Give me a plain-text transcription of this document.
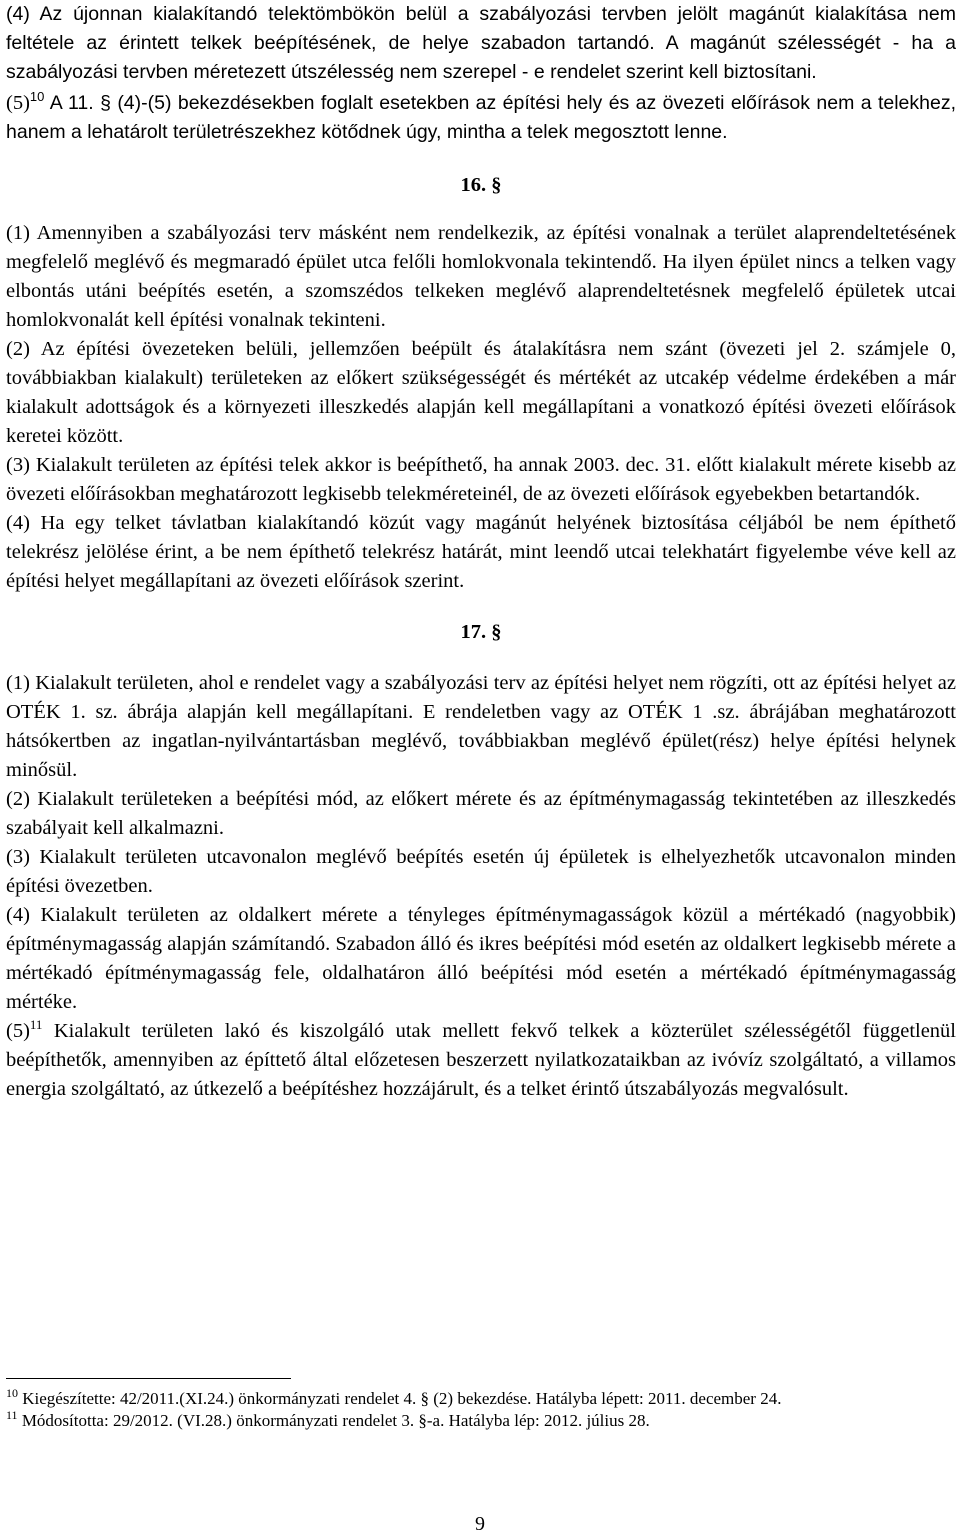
(4) Az újonnan kialakítandó telektömbökön belül a szabályozási tervben jelölt magánút kialakítása nem feltétele az érintett telkek beépítésének, de helye szabadon tartandó. A magánút szélességét - ha a szabályozási tervben méretezett útszélesség nem szerepel - e rendelet szerint kell biztosítani.

$(5)^{10}$ A 11. § (4)-(5) bekezdésekben foglalt esetekben az építési hely és az övezeti előírások nem a telekhez, hanem a lehatárolt területrészekhez kötődnek úgy, mintha a telek megosztott lenne.

16. §

(1) Amennyiben a szabályozási terv másként nem rendelkezik, az építési vonalnak a terület alaprendeltetésének megfelelő meglévő és megmaradó épület utca felőli homlokvonala tekintendő. Ha ilyen épület nincs a telken vagy elbontás utáni beépítés esetén, a szomszédos telkeken meglévő alaprendeltetésnek megfelelő épületek utcai homlokvonalát kell építési vonalnak tekinteni.

(2) Az építési övezeteken belüli, jellemzően beépült és átalakításra nem szánt (övezeti jel 2. számjele 0, továbbiakban kialakult) területeken az előkert szükségességét és mértékét az utcakép védelme érdekében a már kialakult adottságok és a környezeti illeszkedés alapján kell megállapítani a vonatkozó építési övezeti előírások keretei között.

(3) Kialakult területen az építési telek akkor is beépíthető, ha annak 2003. dec. 31. előtt kialakult mérete kisebb az övezeti előírásokban meghatározott legkisebb telekméreteinél, de az övezeti előírások egyebekben betartandók.

(4) Ha egy telket távlatban kialakítandó közút vagy magánút helyének biztosítása céljából be nem építhető telekrész jelölése érint, a be nem építhető telekrész határát, mint leendő utcai telekhatárt figyelembe véve kell az építési helyet megállapítani az övezeti előírások szerint.

17. §

(1) Kialakult területen, ahol e rendelet vagy a szabályozási terv az építési helyet nem rögzíti, ott az építési helyet az OTÉK 1. sz. ábrája alapján kell megállapítani. E rendeletben vagy az OTÉK 1 .sz. ábrájában meghatározott hátsókertben az ingatlan-nyilvántartásban meglévő, továbbiakban meglévő épület(rész) helye építési helynek minősül.

(2) Kialakult területeken a beépítési mód, az előkert mérete és az építménymagasság tekintetében az illeszkedés szabályait kell alkalmazni.

(3) Kialakult területen utcavonalon meglévő beépítés esetén új épületek is elhelyezhetők utcavonalon minden építési övezetben.

(4) Kialakult területen az oldalkert mérete a tényleges építménymagasságok közül a mértékadó (nagyobbik) építménymagasság alapján számítandó. Szabadon álló és ikres beépítési mód esetén az oldalkert legkisebb mérete a mértékadó építménymagasság fele, oldalhatáron álló beépítési mód esetén a mértékadó építménymagasság mértéke.

$(5)^{11}$ Kialakult területen lakó és kiszolgáló utak mellett fekvő telkek a közterület szélességétől függetlenül beépíthetők, amennyiben az építtető által előzetesen beszerzett nyilatkozataikban az ivóvíz szolgáltató, a villamos energia szolgáltató, az útkezelő a beépítéshez hozzájárult, és a telket érintő útszabályozás megvalósult.

$^{10}$ Kiegészítette: 42/2011.(XI.24.) önkormányzati rendelet 4. § (2) bekezdése. Hatályba lépett: 2011. december 24.

$^{11}$ Módosította: 29/2012. (VI.28.) önkormányzati rendelet 3. §-a. Hatályba lép: 2012. július 28.

9
